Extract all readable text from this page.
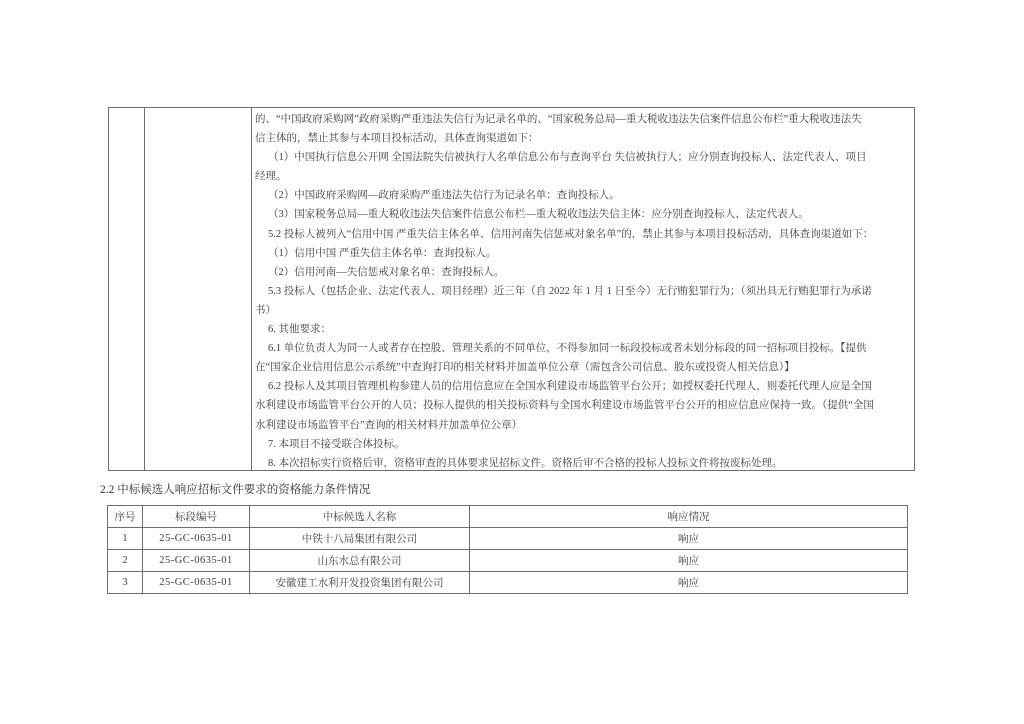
的、“中国政府采购网”政府采购严重违法失信行为记录名单的、“国家税务总局—重大税收违法失信案件信息公布栏”重大税收违法失
信主体的，禁止其参与本项目投标活动，具体查询渠道如下：
（1）中国执行信息公开网 全国法院失信被执行人名单信息公布与查询平台 失信被执行人；应分别查询投标人、法定代表人、项目
经理。
（2）中国政府采购网—政府采购严重违法失信行为记录名单：查询投标人。
（3）国家税务总局—重大税收违法失信案件信息公布栏—重大税收违法失信主体：应分别查询投标人、法定代表人。
5.2 投标人被列入“信用中国 严重失信主体名单、信用河南失信惩戒对象名单”的，禁止其参与本项目投标活动，具体查询渠道如下：
（1）信用中国 严重失信主体名单：查询投标人。
（2）信用河南—失信惩戒对象名单：查询投标人。
5.3 投标人（包括企业、法定代表人、项目经理）近三年（自 2022 年 1 月 1 日至今）无行贿犯罪行为；（须出具无行贿犯罪行为承诺
书）
6. 其他要求：
6.1 单位负责人为同一人或者存在控股、管理关系的不同单位，不得参加同一标段投标或者未划分标段的同一招标项目投标。【提供
在“国家企业信用信息公示系统”中查询打印的相关材料并加盖单位公章（需包含公司信息、股东或投资人相关信息）】
6.2 投标人及其项目管理机构参建人员的信用信息应在全国水利建设市场监管平台公开；如授权委托代理人，则委托代理人应是全国
水利建设市场监管平台公开的人员；投标人提供的相关投标资料与全国水利建设市场监管平台公开的相应信息应保持一致。（提供“全国
水利建设市场监管平台”查询的相关材料并加盖单位公章）
7. 本项目不接受联合体投标。
8. 本次招标实行资格后审，资格审查的具体要求见招标文件。资格后审不合格的投标人投标文件将按废标处理。
2.2 中标候选人响应招标文件要求的资格能力条件情况
序号	标段编号	中标候选人名称	响应情况
1	25-GC-0635-01	中铁十八局集团有限公司	响应
2	25-GC-0635-01	山东水总有限公司	响应
3	25-GC-0635-01	安徽建工水利开发投资集团有限公司	响应
